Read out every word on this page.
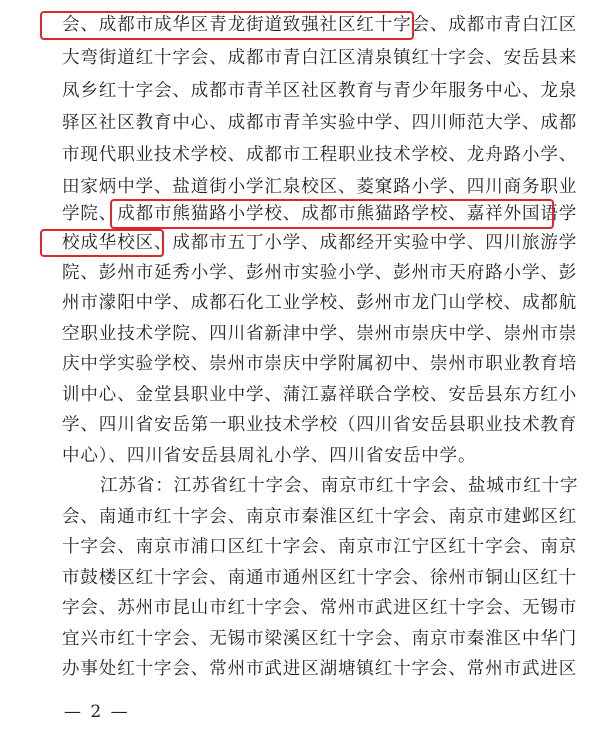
会、成都市成华区青龙街道致强社区红十字会、成都市青白江区
大弯街道红十字会、成都市青白江区清泉镇红十字会、安岳县来
凤乡红十字会、成都市青羊区社区教育与青少年服务中心、龙泉
驿区社区教育中心、成都市青羊实验中学、四川师范大学、成都
市现代职业技术学校、成都市工程职业技术学校、龙舟路小学、
田家炳中学、盐道街小学汇泉校区、菱窠路小学、四川商务职业
学院、成都市熊猫路小学校、成都市熊猫路学校、嘉祥外国语学
校成华校区、成都市五丁小学、成都经开实验中学、四川旅游学
院、彭州市延秀小学、彭州市实验小学、彭州市天府路小学、彭
州市濛阳中学、成都石化工业学校、彭州市龙门山学校、成都航
空职业技术学院、四川省新津中学、崇州市崇庆中学、崇州市崇
庆中学实验学校、崇州市崇庆中学附属初中、崇州市职业教育培
训中心、金堂县职业中学、蒲江嘉祥联合学校、安岳县东方红小
学、四川省安岳第一职业技术学校（四川省安岳县职业技术教育
中心）、四川省安岳县周礼小学、四川省安岳中学。
江苏省：江苏省红十字会、南京市红十字会、盐城市红十字
会、南通市红十字会、南京市秦淮区红十字会、南京市建邺区红
十字会、南京市浦口区红十字会、南京市江宁区红十字会、南京
市鼓楼区红十字会、南通市通州区红十字会、徐州市铜山区红十
字会、苏州市昆山市红十字会、常州市武进区红十字会、无锡市
宜兴市红十字会、无锡市梁溪区红十字会、南京市秦淮区中华门
办事处红十字会、常州市武进区湖塘镇红十字会、常州市武进区
— 2 —
